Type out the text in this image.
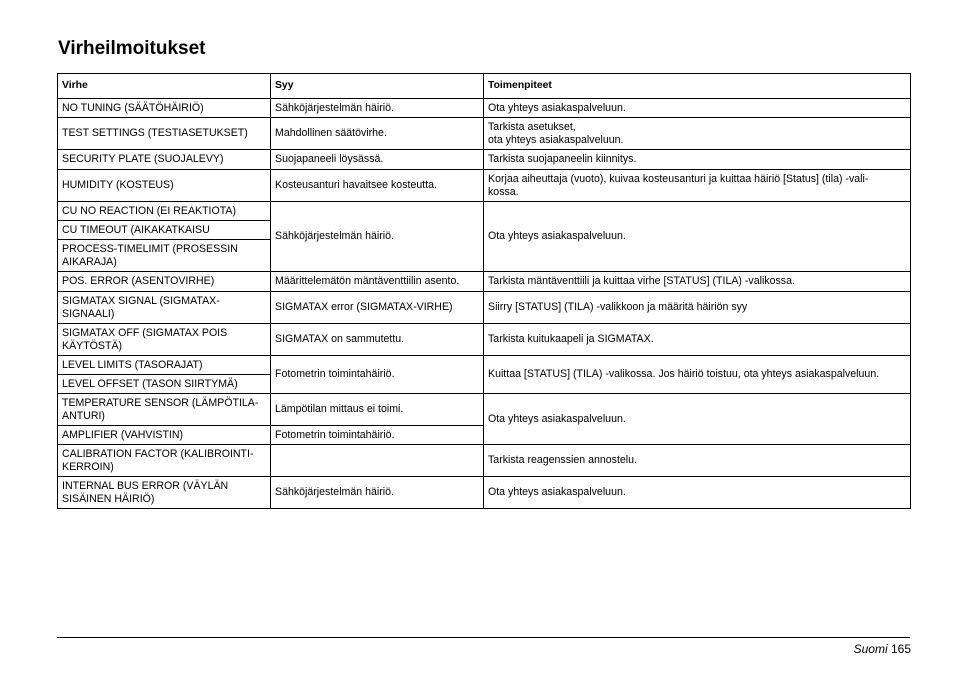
Virheilmoitukset
Virhe	Syy	Toimenpiteet
NO TUNING (SÄÄTÖHÄIRIÖ)	Sähköjärjestelmän häiriö.	Ota yhteys asiakaspalveluun.
TEST SETTINGS (TESTIASETUKSET)	Mahdollinen säätövirhe.	Tarkista asetukset,
ota yhteys asiakaspalveluun.
SECURITY PLATE (SUOJALEVY)	Suojapaneeli löysässä.	Tarkista suojapaneelin kiinnitys.
HUMIDITY (KOSTEUS)	Kosteusanturi havaitsee kosteutta.	Korjaa aiheuttaja (vuoto), kuivaa kosteusanturi ja kuittaa häiriö [Status] (tila) -vali-
kossa.
CU NO REACTION (EI REAKTIOTA)	Sähköjärjestelmän häiriö.	Ota yhteys asiakaspalveluun.
CU TIMEOUT (AIKAKATKAISU		
PROCESS-TIMELIMIT (PROSESSIN AIKARAJA)		
POS. ERROR (ASENTOVIRHE)	Määrittelemätön mäntäventtiilin asento.	Tarkista mäntäventtiili ja kuittaa virhe [STATUS] (TILA) -valikossa.
SIGMATAX SIGNAL (SIGMATAX-SIGNAALI)	SIGMATAX error (SIGMATAX-VIRHE)	Siirry [STATUS] (TILA) -valikkoon ja määritä häiriön syy
SIGMATAX OFF (SIGMATAX POIS KÄYTÖSTÄ)	SIGMATAX on sammutettu.	Tarkista kuitukaapeli ja SIGMATAX.
LEVEL LIMITS (TASORAJAT)	Fotometrin toimintahäiriö.	Kuittaa [STATUS] (TILA) -valikossa. Jos häiriö toistuu, ota yhteys asiakaspalveluun.
LEVEL OFFSET (TASON SIIRTYMÄ)		
TEMPERATURE SENSOR (LÄMPÖTILA-ANTURI)	Lämpötilan mittaus ei toimi.	Ota yhteys asiakaspalveluun.
AMPLIFIER (VAHVISTIN)	Fotometrin toimintahäiriö.	
CALIBRATION FACTOR (KALIBROINTI-KERROIN)		Tarkista reagenssien annostelu.
INTERNAL BUS ERROR (VÄYLÄN SISÄINEN HÄIRIÖ)	Sähköjärjestelmän häiriö.	Ota yhteys asiakaspalveluun.
Suomi 165
